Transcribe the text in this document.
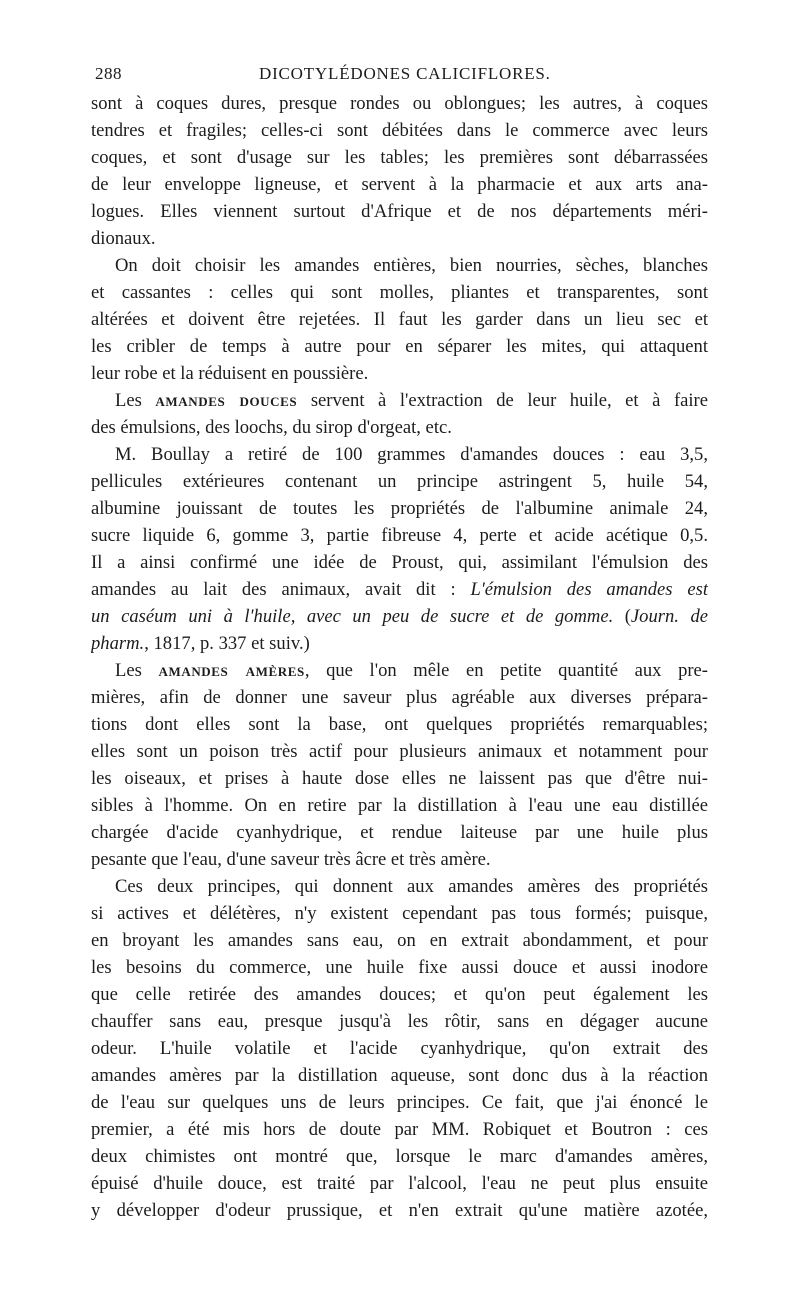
288	DICOTYLÉDONES CALICIFLORES.
sont à coques dures, presque rondes ou oblongues; les autres, à coques
tendres et fragiles; celles-ci sont débitées dans le commerce avec leurs
coques, et sont d'usage sur les tables; les premières sont débarrassées
de leur enveloppe ligneuse, et servent à la pharmacie et aux arts ana-
logues. Elles viennent surtout d'Afrique et de nos départements méri-
dionaux.
On doit choisir les amandes entières, bien nourries, sèches, blanches
et cassantes : celles qui sont molles, pliantes et transparentes, sont
altérées et doivent être rejetées. Il faut les garder dans un lieu sec et
les cribler de temps à autre pour en séparer les mites, qui attaquent
leur robe et la réduisent en poussière.
Les amandes douces servent à l'extraction de leur huile, et à faire
des émulsions, des loochs, du sirop d'orgeat, etc.
M. Boullay a retiré de 100 grammes d'amandes douces : eau 3,5,
pellicules extérieures contenant un principe astringent 5, huile 54,
albumine jouissant de toutes les propriétés de l'albumine animale 24,
sucre liquide 6, gomme 3, partie fibreuse 4, perte et acide acétique 0,5.
Il a ainsi confirmé une idée de Proust, qui, assimilant l'émulsion des
amandes au lait des animaux, avait dit : L'émulsion des amandes est
un caséum uni à l'huile, avec un peu de sucre et de gomme. (Journ. de
pharm., 1817, p. 337 et suiv.)
Les amandes amères, que l'on mêle en petite quantité aux pre-
mières, afin de donner une saveur plus agréable aux diverses prépara-
tions dont elles sont la base, ont quelques propriétés remarquables;
elles sont un poison très actif pour plusieurs animaux et notamment pour
les oiseaux, et prises à haute dose elles ne laissent pas que d'être nui-
sibles à l'homme. On en retire par la distillation à l'eau une eau distillée
chargée d'acide cyanhydrique, et rendue laiteuse par une huile plus
pesante que l'eau, d'une saveur très âcre et très amère.
Ces deux principes, qui donnent aux amandes amères des propriétés
si actives et délétères, n'y existent cependant pas tous formés; puisque,
en broyant les amandes sans eau, on en extrait abondamment, et pour
les besoins du commerce, une huile fixe aussi douce et aussi inodore
que celle retirée des amandes douces; et qu'on peut également les
chauffer sans eau, presque jusqu'à les rôtir, sans en dégager aucune
odeur. L'huile volatile et l'acide cyanhydrique, qu'on extrait des
amandes amères par la distillation aqueuse, sont donc dus à la réaction
de l'eau sur quelques uns de leurs principes. Ce fait, que j'ai énoncé le
premier, a été mis hors de doute par MM. Robiquet et Boutron : ces
deux chimistes ont montré que, lorsque le marc d'amandes amères,
épuisé d'huile douce, est traité par l'alcool, l'eau ne peut plus ensuite
y développer d'odeur prussique, et n'en extrait qu'une matière azotée,
